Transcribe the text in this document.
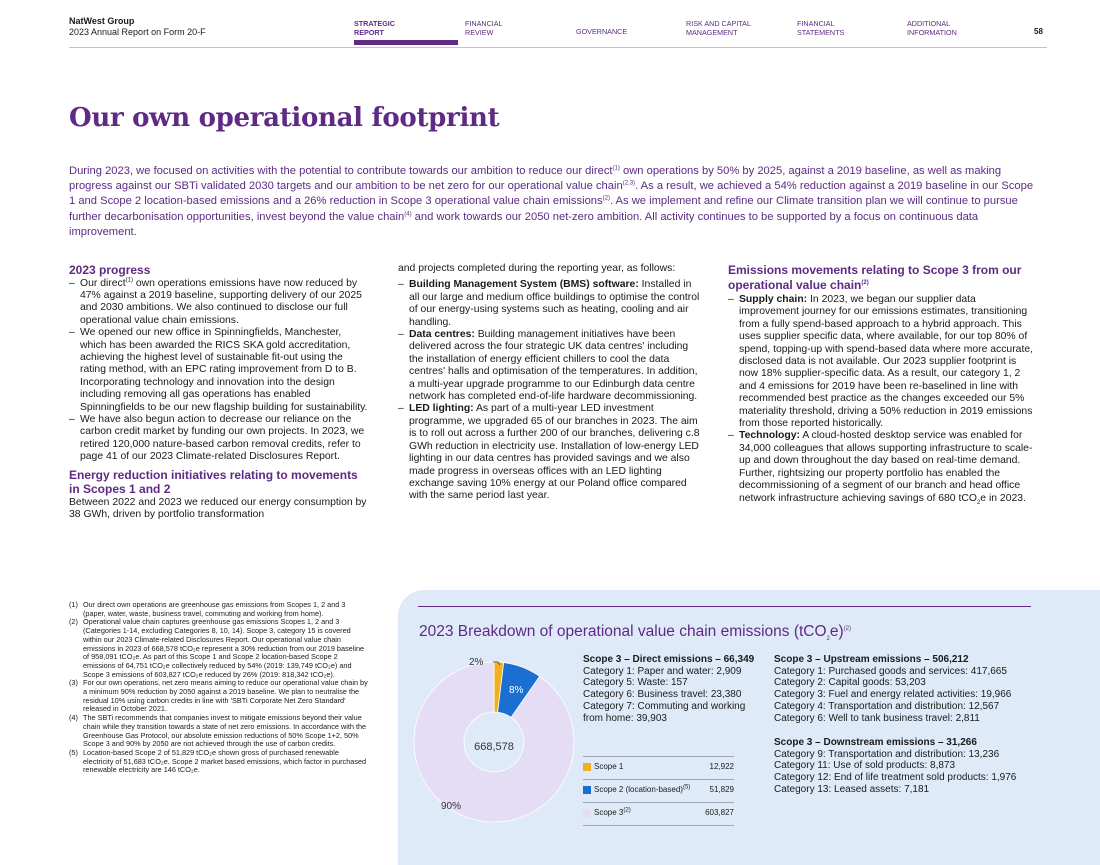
NatWest Group
2023 Annual Report on Form 20-F
STRATEGIC
REPORT
FINANCIAL
REVIEW	GOVERNANCE
RISK AND CAPITAL
MANAGEMENT
FINANCIAL
STATEMENTS
ADDITIONAL
INFORMATION	58
Our own operational footprint

During 2023, we focused on activities with the potential to contribute towards our ambition to reduce our direct$^{(1)}$ own operations by 50% by 2025, against a 2019 baseline, as well as making progress against our SBTi validated 2030 targets and our ambition to be net zero for our operational value chain$^{(2,3)}$. As a result, we achieved a 54% reduction against a 2019 baseline in our Scope 1 and Scope 2 location-based emissions and a 26% reduction in Scope 3 operational value chain emissions$^{(2)}$. As we implement and refine our Climate transition plan we will continue to pursue further decarbonisation opportunities, invest beyond the value chain$^{(4)}$ and work towards our 2050 net-zero ambition. All activity continues to be supported by a focus on continuous data improvement.

2023 progress
– Our direct$^{(1)}$ own operations emissions have now reduced by 47% against a 2019 baseline, supporting delivery of our 2025 and 2030 ambitions. We also continued to disclose our full operational value chain emissions.
– We opened our new office in Spinningfields, Manchester, which has been awarded the RICS SKA gold accreditation, achieving the highest level of sustainable fit-out using the rating method, with an EPC rating improvement from D to B. Incorporating technology and innovation into the design including removing all gas operations has enabled Spinningfields to be our new flagship building for sustainability.
– We have also begun action to decrease our reliance on the carbon credit market by funding our own projects. In 2023, we retired 120,000 nature-based carbon removal credits, refer to page 41 of our 2023 Climate-related Disclosures Report.
Energy reduction initiatives relating to movements in Scopes 1 and 2

Between 2022 and 2023 we reduced our energy consumption by 38 GWh, driven by portfolio transformation

and projects completed during the reporting year, as follows:

– Building Management System (BMS) software: Installed in all our large and medium office buildings to optimise the control of our energy-using systems such as heating, cooling and air handling.
– Data centres: Building management initiatives have been delivered across the four strategic UK data centres' including the installation of energy efficient chillers to cool the data centres' halls and optimisation of the temperatures. In addition, a multi-year upgrade programme to our Edinburgh data centre network has completed end-of-life hardware decommissioning.
– LED lighting: As part of a multi-year LED investment programme, we upgraded 65 of our branches in 2023. The aim is to roll out across a further 200 of our branches, delivering c.8 GWh reduction in electricity use. Installation of low-energy LED lighting in our data centres has provided savings and we also made progress in overseas offices with an LED lighting exchange saving 10% energy at our Poland office compared with the same period last year.
Emissions movements relating to Scope 3 from our operational value chain$^{(2)}$
– Supply chain: In 2023, we began our supplier data improvement journey for our emissions estimates, transitioning from a fully spend-based approach to a hybrid approach. This uses supplier specific data, where available, for our top 80% of spend, topping-up with spend-based data where more accurate, disclosed data is not available. Our 2023 supplier footprint is now 18% supplier-specific data. As a result, our category 1, 2 and 4 emissions for 2019 have been re-baselined in line with recommended best practice as the changes exceeded our 5% materiality threshold, driving a 50% reduction in 2019 emissions from those reported historically.
– Technology: A cloud-hosted desktop service was enabled for 34,000 colleagues that allows supporting infrastructure to scale-up and down throughout the day based on real-time demand. Further, rightsizing our property portfolio has enabled the decommissioning of a segment of our branch and head office network infrastructure achieving savings of 680 tCO$_2$e in 2023.
(1) Our direct own operations are greenhouse gas emissions from Scopes 1, 2 and 3 (paper, water, waste, business travel, commuting and working from home).
(2) Operational value chain captures greenhouse gas emissions Scopes 1, 2 and 3 (Categories 1-14, excluding Categories 8, 10, 14). Scope 3, category 15 is covered within our 2023 Climate-related Disclosures Report. Our operational value chain emissions in 2023 of 668,578 tCO₂e represent a 30% reduction from our 2019 baseline of 958,091 tCO₂e. As part of this Scope 1 and Scope 2 location-based Scope 2 emissions of 64,751 tCO₂e collectively reduced by 54% (2019: 139,749 tCO₂e) and Scope 3 emissions of 603,827 tCO₂e reduced by 26% (2019: 818,342 tCO₂e).
(3) For our own operations, net zero means aiming to reduce our operational value chain by a minimum 90% reduction by 2050 against a 2019 baseline. We plan to neutralise the residual 10% using carbon credits in line with 'SBTi Corporate Net Zero Standard' released in October 2021.
(4) The SBTi recommends that companies invest to mitigate emissions beyond their value chain while they transition towards a state of net zero emissions. In accordance with the Greenhouse Gas Protocol, our absolute emission reductions of 50% Scope 1+2, 50% Scope 3 and 90% by 2050 are not achieved through the use of carbon credits.
(5) Location-based Scope 2 of 51,829 tCO₂e shown gross of purchased renewable electricity of 51,683 tCO₂e. Scope 2 market based emissions, which factor in purchased renewable electricity are 146 tCO₂e.
2023 Breakdown of operational value chain emissions $(tCO_2e)^{(2)}$
2%
8%
90%
668,578
Scope 1	12,922
Scope 2 (location-based)$^{(5)}$ 51,829
Scope 3$^{(2)}$	603,827
Scope 3 – Direct emissions – 66,349
Category 1: Paper and water: 2,909
Category 5: Waste: 157
Category 6: Business travel: 23,380
Category 7: Commuting and working
from home: 39,903
Scope 3 – Upstream emissions – 506,212
Category 1: Purchased goods and services: 417,665
Category 2: Capital goods: 53,203
Category 3: Fuel and energy related activities: 19,966
Category 4: Transportation and distribution: 12,567
Category 6: Well to tank business travel: 2,811
Scope 3 – Downstream emissions – 31,266
Category 9: Transportation and distribution: 13,236
Category 11: Use of sold products: 8,873
Category 12: End of life treatment sold products: 1,976
Category 13: Leased assets: 7,181
